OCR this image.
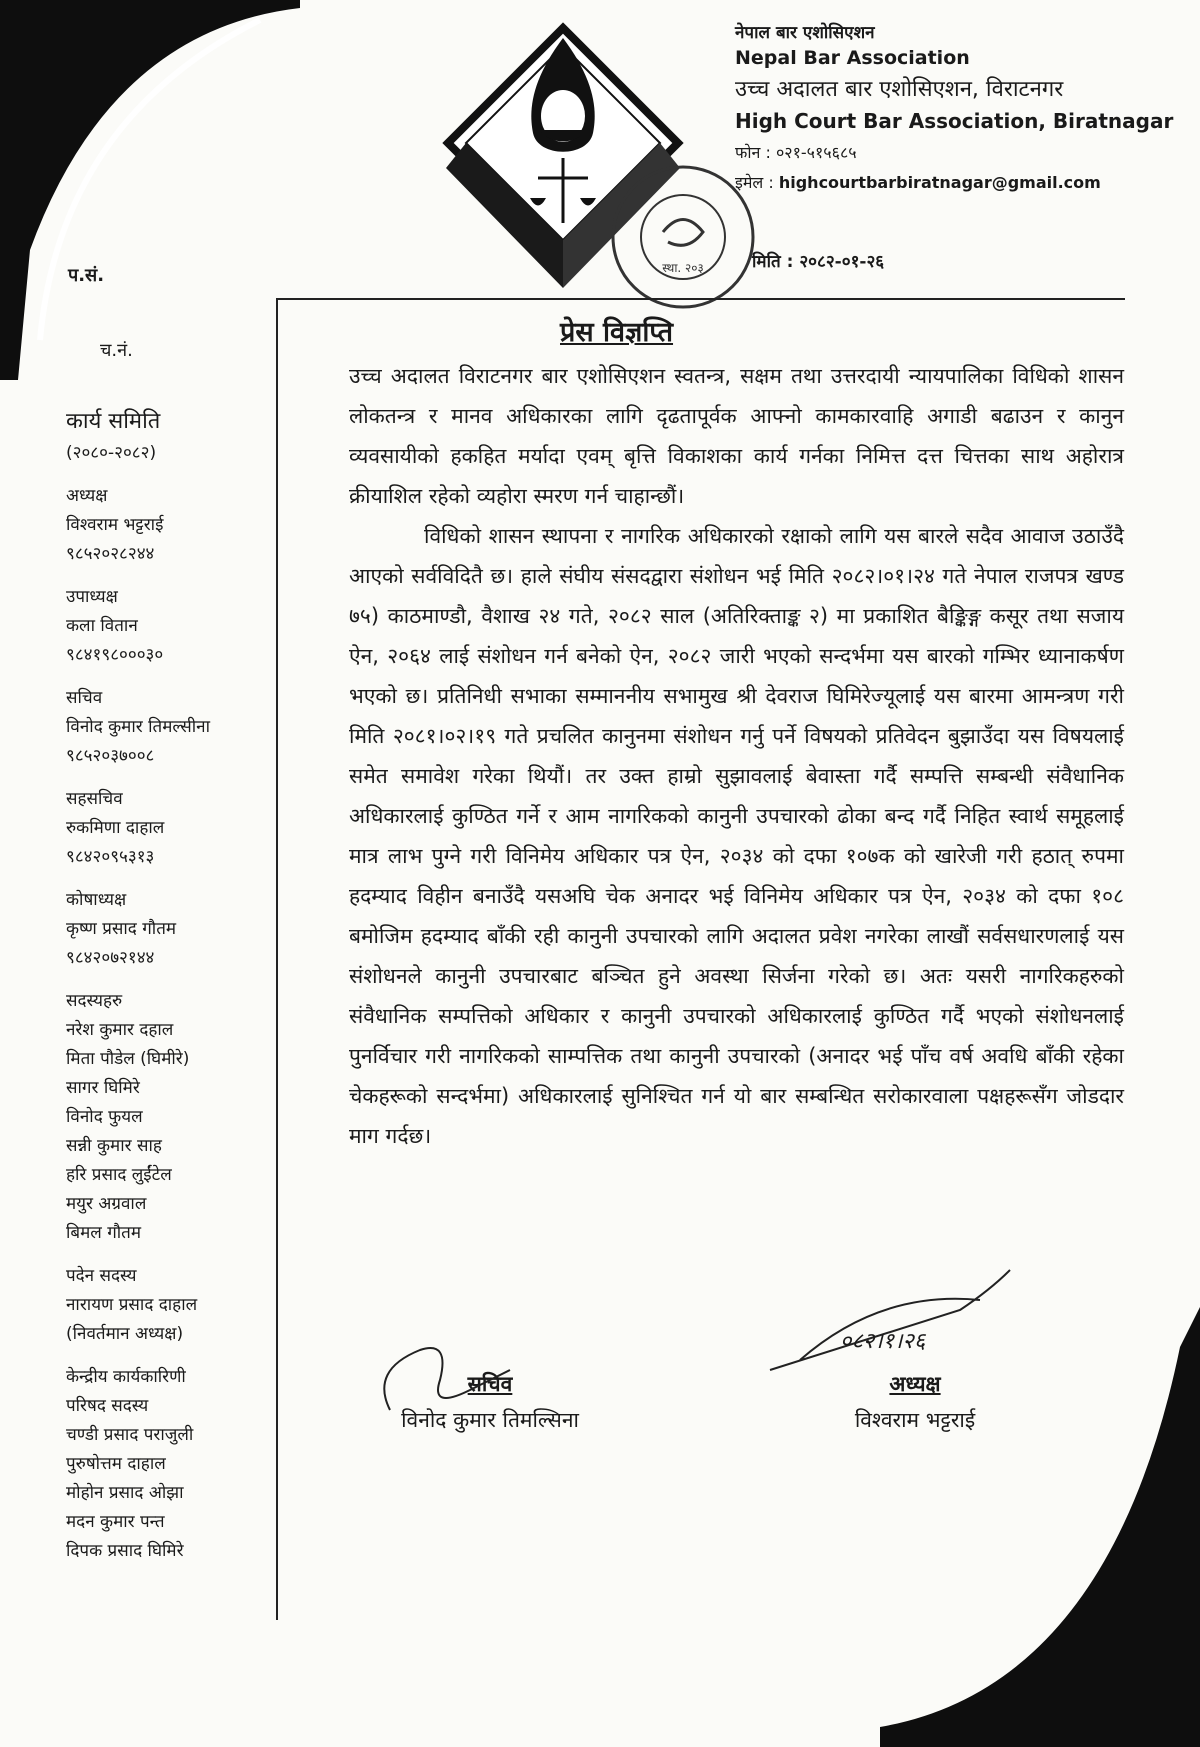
नेपाल बार एशोसिएशन
Nepal Bar Association
उच्च अदालत बार एशोसिएशन, विराटनगर
High Court Bar Association, Biratnagar
फोन : ०२१-५१५६८५
इमेल : highcourtbarbiratnagar@gmail.com
मिति : २०८२-०१-२६
स्था. २०३
प.सं.
च.नं.
कार्य समिति
(२०८०-२०८२)
अध्यक्ष
विश्वराम भट्टराई
९८५२०२८२४४
उपाध्यक्ष
कला वितान
९८४१९८०००३०
सचिव
विनोद कुमार तिमल्सीना
९८५२०३७००८
सहसचिव
रुकमिणा दाहाल
९८४२०९५३१३
कोषाध्यक्ष
कृष्ण प्रसाद गौतम
९८४२०७२१४४
सदस्यहरु
नरेश कुमार दहाल
मिता पौडेल (घिमीरे)
सागर घिमिरे
विनोद फुयल
सन्नी कुमार साह
हरि प्रसाद लुईंटेल
मयुर अग्रवाल
बिमल गौतम
पदेन सदस्य
नारायण प्रसाद दाहाल
(निवर्तमान अध्यक्ष)
केन्द्रीय कार्यकारिणी
परिषद सदस्य
चण्डी प्रसाद पराजुली
पुरुषोत्तम दाहाल
मोहोन प्रसाद ओझा
मदन कुमार पन्त
दिपक प्रसाद घिमिरे
प्रेस विज्ञप्ति

उच्च अदालत विराटनगर बार एशोसिएशन स्वतन्त्र, सक्षम तथा उत्तरदायी न्यायपालिका विधिको शासन लोकतन्त्र र मानव अधिकारका लागि दृढतापूर्वक आफ्नो कामकारवाहि अगाडी बढाउन र कानुन व्यवसायीको हकहित मर्यादा एवम् बृत्ति विकाशका कार्य गर्नका निमित्त दत्त चित्तका साथ अहोरात्र क्रीयाशिल रहेको व्यहोरा स्मरण गर्न चाहान्छौं।

विधिको शासन स्थापना र नागरिक अधिकारको रक्षाको लागि यस बारले सदैव आवाज उठाउँदै आएको सर्वविदितै छ। हाले संघीय संसदद्वारा संशोधन भई मिति २०८२।०१।२४ गते नेपाल राजपत्र खण्ड ७५) काठमाण्डौ, वैशाख २४ गते, २०८२ साल (अतिरिक्ताङ्क २) मा प्रकाशित बैङ्किङ्ग कसूर तथा सजाय ऐन, २०६४ लाई संशोधन गर्न बनेको ऐन, २०८२ जारी भएको सन्दर्भमा यस बारको गम्भिर ध्यानाकर्षण भएको छ। प्रतिनिधी सभाका सम्माननीय सभामुख श्री देवराज घिमिरेज्यूलाई यस बारमा आमन्त्रण गरी मिति २०८१।०२।१९ गते प्रचलित कानुनमा संशोधन गर्नु पर्ने विषयको प्रतिवेदन बुझाउँदा यस विषयलाई समेत समावेश गरेका थियौं। तर उक्त हाम्रो सुझावलाई बेवास्ता गर्दै सम्पत्ति सम्बन्धी संवैधानिक अधिकारलाई कुण्ठित गर्ने र आम नागरिकको कानुनी उपचारको ढोका बन्द गर्दै निहित स्वार्थ समूहलाई मात्र लाभ पुग्ने गरी विनिमेय अधिकार पत्र ऐन, २०३४ को दफा १०७क को खारेजी गरी हठात् रुपमा हदम्याद विहीन बनाउँदै यसअघि चेक अनादर भई विनिमेय अधिकार पत्र ऐन, २०३४ को दफा १०८ बमोजिम हदम्याद बाँकी रही कानुनी उपचारको लागि अदालत प्रवेश नगरेका लाखौं सर्वसधारणलाई यस संशोधनले कानुनी उपचारबाट बञ्चित हुने अवस्था सिर्जना गरेको छ। अतः यसरी नागरिकहरुको संवैधानिक सम्पत्तिको अधिकार र कानुनी उपचारको अधिकारलाई कुण्ठित गर्दै भएको संशोधनलाई पुनर्विचार गरी नागरिकको साम्पत्तिक तथा कानुनी उपचारको (अनादर भई पाँच वर्ष अवधि बाँकी रहेका चेकहरूको सन्दर्भमा) अधिकारलाई सुनिश्चित गर्न यो बार सम्बन्धित सरोकारवाला पक्षहरूसँग जोडदार माग गर्दछ।

सचिव
विनोद कुमार तिमल्सिना
०८२।१।२६
अध्यक्ष
विश्वराम भट्टराई
